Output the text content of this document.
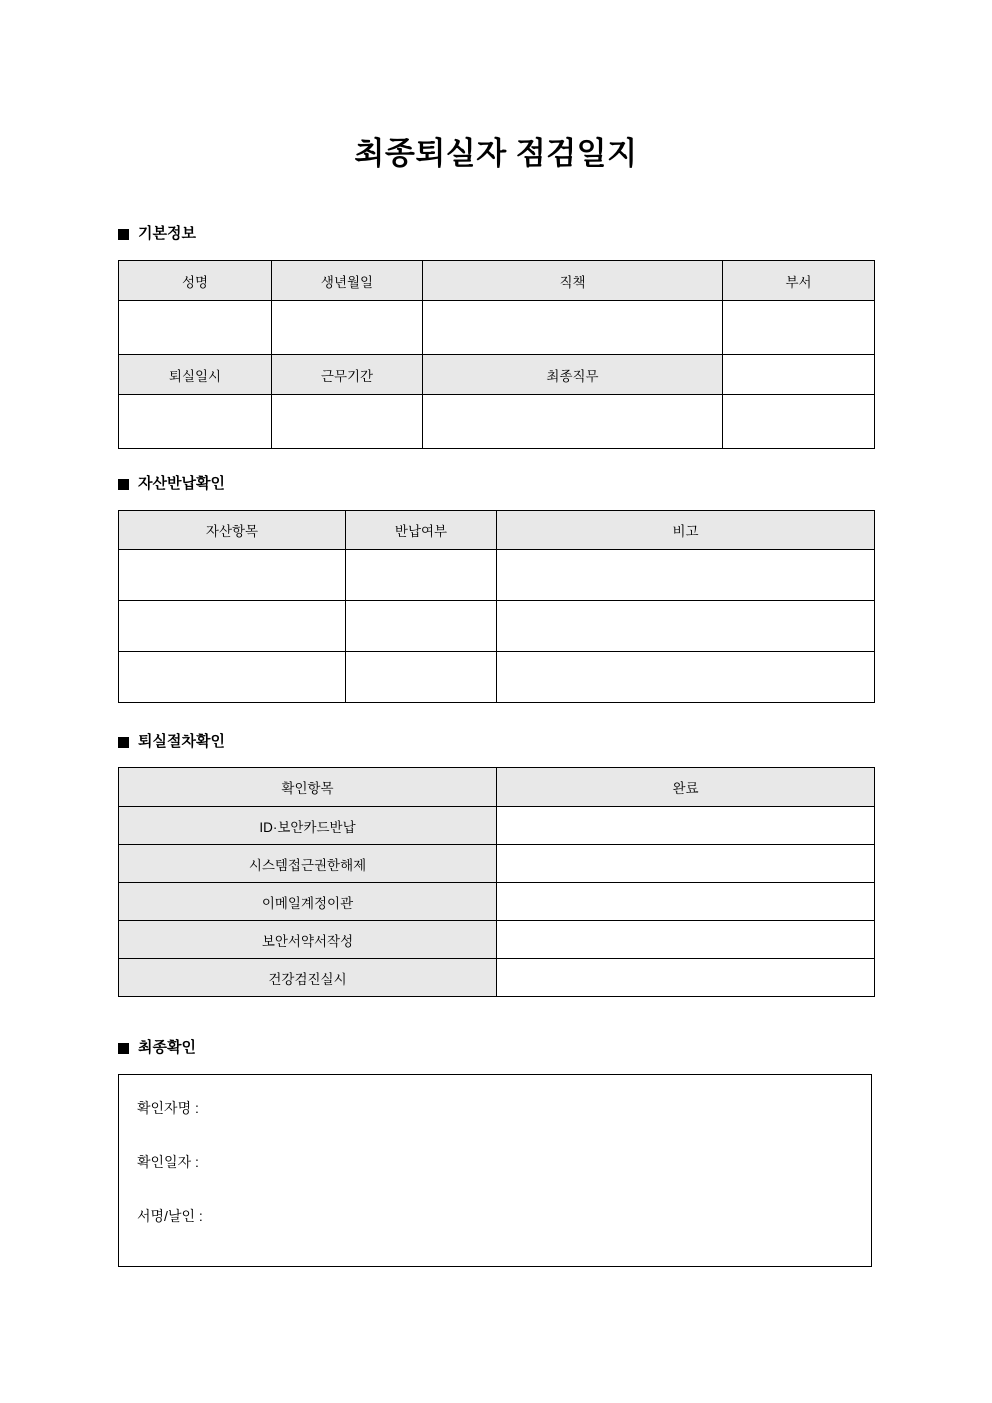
최종퇴실자 점검일지
기본정보
성명	생년월일	직책	부서

퇴실일시	근무기간	최종직무	

자산반납확인
자산항목	반납여부	비고

퇴실절차확인
확인항목	완료
ID·보안카드반납	
시스템접근권한해제	
이메일계정이관	
보안서약서작성	
건강검진실시	
최종확인
확인자명 :
확인일자 :
서명/날인 :
